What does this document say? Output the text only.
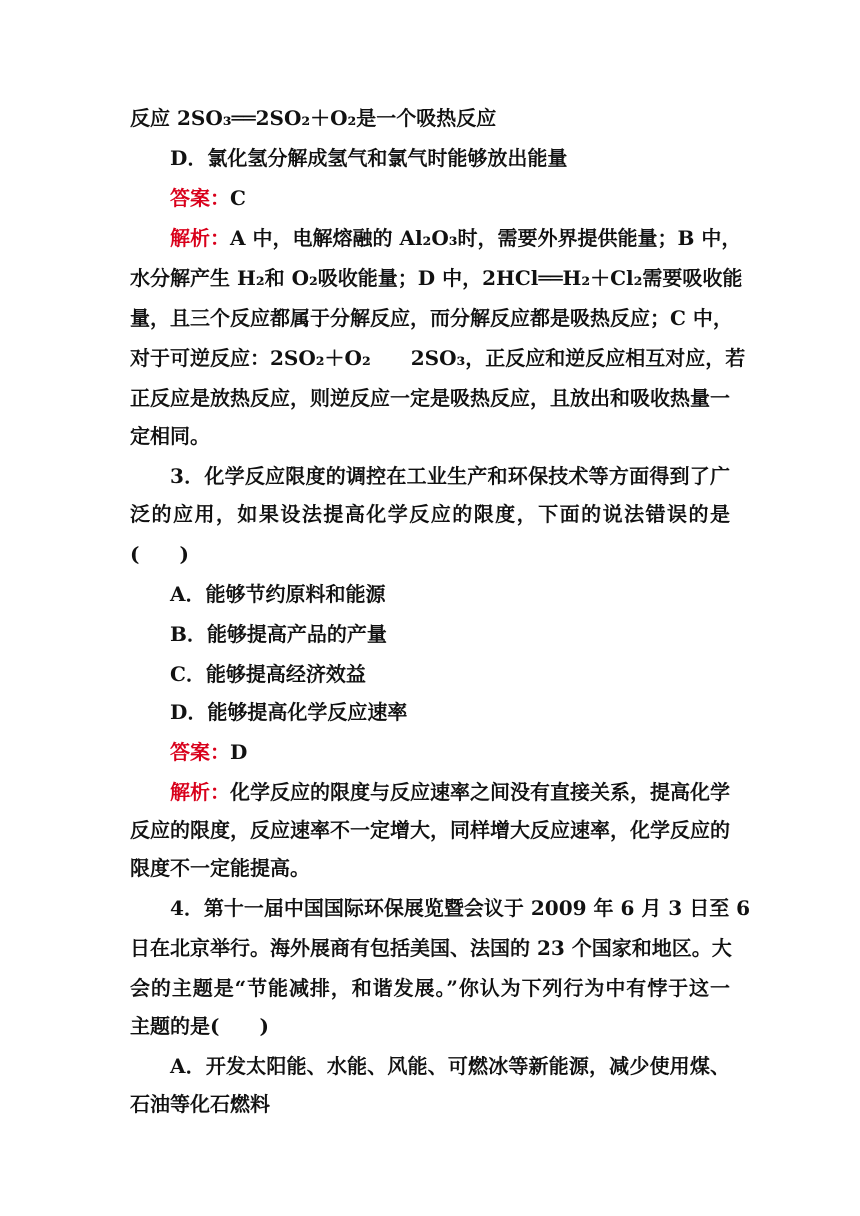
反应 2SO₃══2SO₂＋O₂是一个吸热反应
D．氯化氢分解成氢气和氯气时能够放出能量
答案：C
解析：A 中，电解熔融的 Al₂O₃时，需要外界提供能量；B 中，
水分解产生 H₂和 O₂吸收能量；D 中，2HCl══H₂＋Cl₂需要吸收能
量，且三个反应都属于分解反应，而分解反应都是吸热反应；C 中，
对于可逆反应：2SO₂＋O₂ 2SO₃，正反应和逆反应相互对应，若
正反应是放热反应，则逆反应一定是吸热反应，且放出和吸收热量一
定相同。
3．化学反应限度的调控在工业生产和环保技术等方面得到了广
泛的应用，如果设法提高化学反应的限度，下面的说法错误的是
(　　)
A．能够节约原料和能源
B．能够提高产品的产量
C．能够提高经济效益
D．能够提高化学反应速率
答案：D
解析：化学反应的限度与反应速率之间没有直接关系，提高化学
反应的限度，反应速率不一定增大，同样增大反应速率，化学反应的
限度不一定能提高。
4．第十一届中国国际环保展览暨会议于 2009 年 6 月 3 日至 6
日在北京举行。海外展商有包括美国、法国的 23 个国家和地区。大
会的主题是“节能减排，和谐发展。”你认为下列行为中有悖于这一
主题的是(　　)
A．开发太阳能、水能、风能、可燃冰等新能源，减少使用煤、
石油等化石燃料
